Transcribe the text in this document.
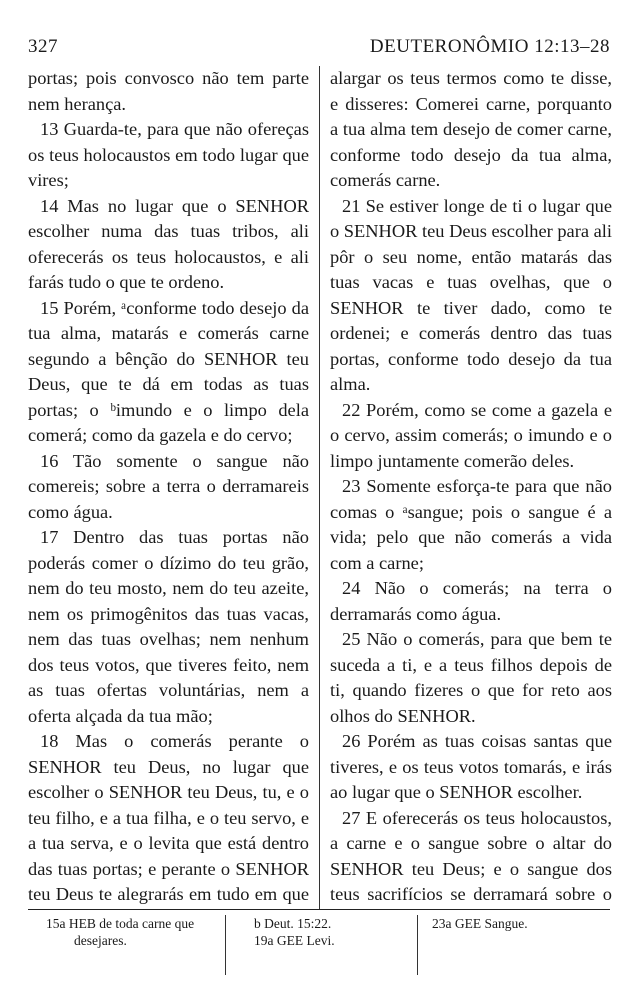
327	DEUTERONÔMIO 12:13–28

portas; pois convosco não tem parte nem herança.

13 Guarda-te, para que não ofereças os teus holocaustos em todo lugar que vires;

14 Mas no lugar que o SENHOR escolher numa das tuas tribos, ali oferecerás os teus holocaustos, e ali farás tudo o que te ordeno.

15 Porém, ᵃconforme todo desejo da tua alma, matarás e comerás carne segundo a bênção do SENHOR teu Deus, que te dá em todas as tuas portas; o ᵇimundo e o limpo dela comerá; como da gazela e do cervo;

16 Tão somente o sangue não comereis; sobre a terra o derramareis como água.

17 Dentro das tuas portas não poderás comer o dízimo do teu grão, nem do teu mosto, nem do teu azeite, nem os primogênitos das tuas vacas, nem das tuas ovelhas; nem nenhum dos teus votos, que tiveres feito, nem as tuas ofertas voluntárias, nem a oferta alçada da tua mão;

18 Mas o comerás perante o SENHOR teu Deus, no lugar que escolher o SENHOR teu Deus, tu, e o teu filho, e a tua filha, e o teu servo, e a tua serva, e o levita que está dentro das tuas portas; e perante o SENHOR teu Deus te alegrarás em tudo em que

alargar os teus termos como te disse, e disseres: Comerei carne, porquanto a tua alma tem desejo de comer carne, conforme todo desejo da tua alma, comerás carne.

21 Se estiver longe de ti o lugar que o SENHOR teu Deus escolher para ali pôr o seu nome, então matarás das tuas vacas e tuas ovelhas, que o SENHOR te tiver dado, como te ordenei; e comerás dentro das tuas portas, conforme todo desejo da tua alma.

22 Porém, como se come a gazela e o cervo, assim comerás; o imundo e o limpo juntamente comerão deles.

23 Somente esforça-te para que não comas o ᵃsangue; pois o sangue é a vida; pelo que não comerás a vida com a carne;

24 Não o comerás; na terra o derramarás como água.

25 Não o comerás, para que bem te suceda a ti, e a teus filhos depois de ti, quando fizeres o que for reto aos olhos do SENHOR.

26 Porém as tuas coisas santas que tiveres, e os teus votos tomarás, e irás ao lugar que o SENHOR escolher.

27 E oferecerás os teus holocaustos, a carne e o sangue sobre o altar do SENHOR teu Deus; e o sangue dos teus sacrifícios se derramará sobre o

15a HEB de toda carne que
desejares.
b Deut. 15:22.
19a GEE Levi.
23a GEE Sangue.
